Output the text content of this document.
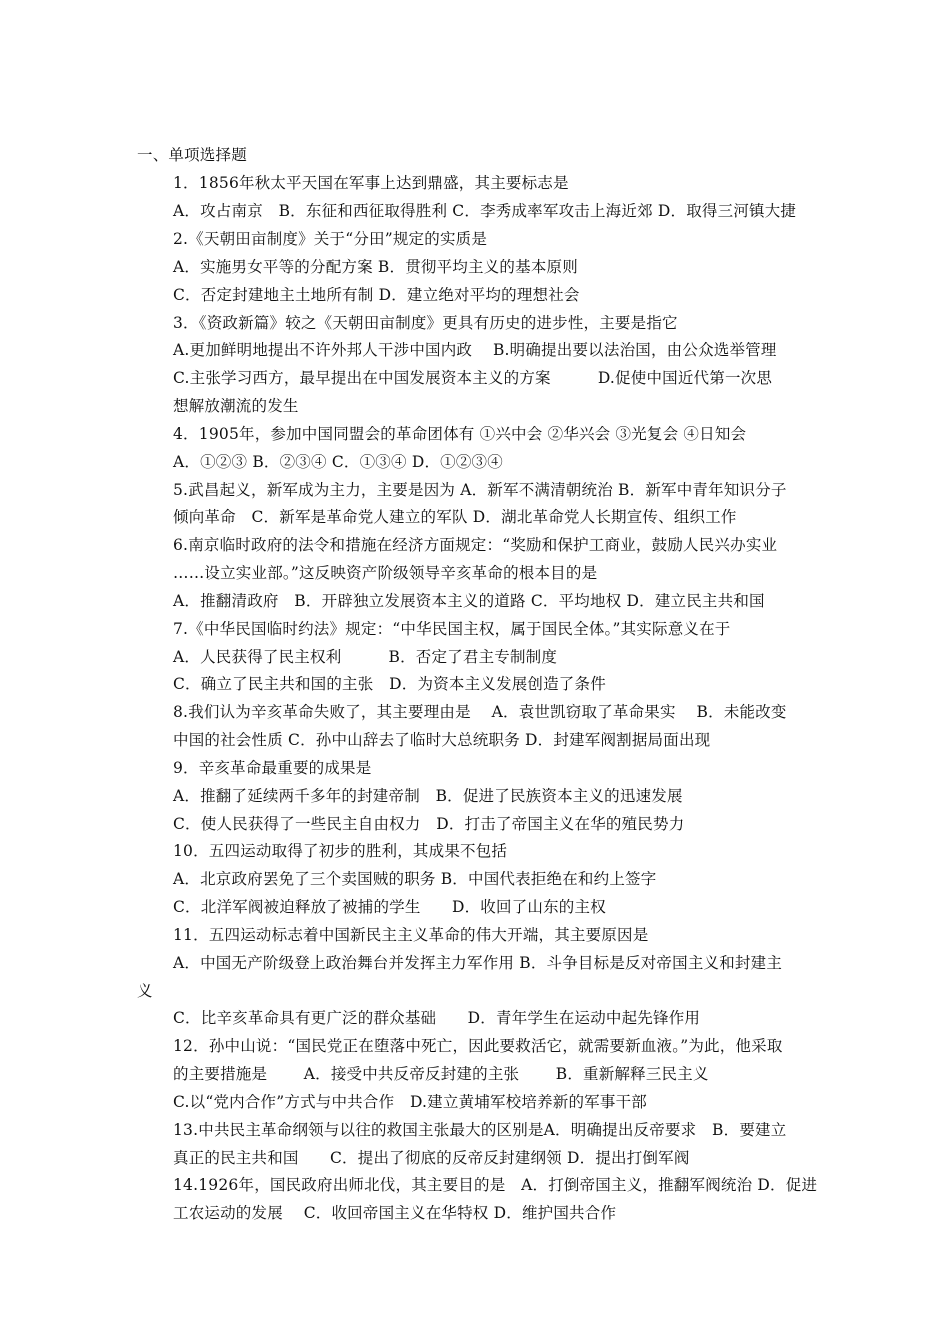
一、单项选择题
1．1856年秋太平天国在军事上达到鼎盛，其主要标志是
A．攻占南京　B．东征和西征取得胜利 C．李秀成率军攻击上海近郊 D．取得三河镇大捷
2.《天朝田亩制度》关于“分田”规定的实质是
A．实施男女平等的分配方案 B．贯彻平均主义的基本原则
C．否定封建地主土地所有制 D．建立绝对平均的理想社会
3．《资政新篇》较之《天朝田亩制度》更具有历史的进步性，主要是指它
A.更加鲜明地提出不许外邦人干涉中国内政　 B.明确提出要以法治国，由公众选举管理
C.主张学习西方，最早提出在中国发展资本主义的方案　　　D.促使中国近代第一次思
想解放潮流的发生
4．1905年，参加中国同盟会的革命团体有 ①兴中会 ②华兴会 ③光复会 ④日知会
A．①②③ B．②③④ C．①③④ D．①②③④
5.武昌起义，新军成为主力，主要是因为 A．新军不满清朝统治 B．新军中青年知识分子
倾向革命　C．新军是革命党人建立的军队 D．湖北革命党人长期宣传、组织工作
6.南京临时政府的法令和措施在经济方面规定：“奖励和保护工商业，鼓励人民兴办实业
……设立实业部。”这反映资产阶级领导辛亥革命的根本目的是
A．推翻清政府　B．开辟独立发展资本主义的道路 C．平均地权 D．建立民主共和国
7.《中华民国临时约法》规定：“中华民国主权，属于国民全体。”其实际意义在于
A．人民获得了民主权利　　　B．否定了君主专制制度
C．确立了民主共和国的主张　D．为资本主义发展创造了条件
8.我们认为辛亥革命失败了，其主要理由是　 A．袁世凯窃取了革命果实　 B．未能改变
中国的社会性质 C．孙中山辞去了临时大总统职务 D．封建军阀割据局面出现
9．辛亥革命最重要的成果是
A．推翻了延续两千多年的封建帝制　B．促进了民族资本主义的迅速发展
C．使人民获得了一些民主自由权力　D．打击了帝国主义在华的殖民势力
10．五四运动取得了初步的胜利，其成果不包括
A．北京政府罢免了三个卖国贼的职务 B．中国代表拒绝在和约上签字
C．北洋军阀被迫释放了被捕的学生　　D．收回了山东的主权
11．五四运动标志着中国新民主主义革命的伟大开端，其主要原因是
A．中国无产阶级登上政治舞台并发挥主力军作用 B．斗争目标是反对帝国主义和封建主
义
C．比辛亥革命具有更广泛的群众基础　　D．青年学生在运动中起先锋作用
12．孙中山说：“国民党正在堕落中死亡，因此要救活它，就需要新血液。”为此，他采取
的主要措施是　　 A．接受中共反帝反封建的主张　　 B．重新解释三民主义
C.以“党内合作”方式与中共合作　D.建立黄埔军校培养新的军事干部
13.中共民主革命纲领与以往的救国主张最大的区别是A．明确提出反帝要求　B．要建立
真正的民主共和国　　C．提出了彻底的反帝反封建纲领 D．提出打倒军阀
14.1926年，国民政府出师北伐，其主要目的是　A．打倒帝国主义，推翻军阀统治 D．促进
工农运动的发展　 C．收回帝国主义在华特权 D．维护国共合作
